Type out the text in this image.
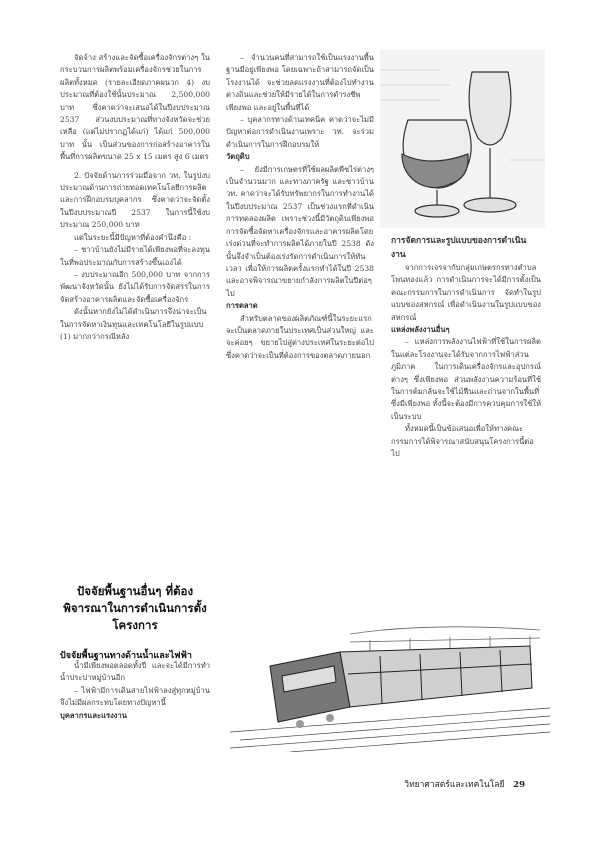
จัดจ้าง สร้างและจัดซื้อเครื่องจักรต่างๆ ในกระบวนการผลิตพร้อมเครื่องจักรช่วยในการผลิตทั้งหมด (รายละเอียดภาคผนวก 4) งบประมาณที่ต้องใช้นั้นประมาณ 2,500,000 บาท ซึ่งคาดว่าจะเสนอได้ในปีงบประมาณ 2537 ส่วนงบประมาณที่ทางจังหวัดจะช่วยเหลือ (แต่ไม่ปรากฏได้แก่) ได้แก่ 500,000 บาท นั้น เป็นส่วนของการก่อสร้างอาคารในพื้นที่การผลิตขนาด 25 x 15 เมตร สูง 6 เมตร

2. ปัจจัยด้านการร่วมมือจาก วท. ในรูปงบประมาณด้านการถ่ายทอดเทคโนโลยีการผลิตและการฝึกอบรมบุคลากร ซึ่งคาดว่าจะจัดตั้งในปีงบประมาณปี 2537 ในการนี้ใช้งบประมาณ 250,000 บาท

แต่ในระยะนี้มีปัญหาที่ต้องคำนึงคือ :

– ชาวบ้านยังไม่มีรายได้เพียงพอที่จะลงทุนในที่พอประมาณกับการสร้างขึ้นเองได้

– งบประมาณอีก 500,000 บาท จากการพัฒนาจังหวัดนั้น ยังไม่ได้รับการจัดสรรในการจัดสร้างอาคารผลิตและจัดซื้อเครื่องจักร

ดังนั้นหากยังไม่ได้ดำเนินการจึงน่าจะเป็นในการจัดหาเงินทุนและเทคโนโลยีในรูปแบบ (1) มากกว่ากรณีหลัง

ปัจจัยพื้นฐานอื่นๆ ที่ต้องพิจารณาในการดำเนินการตั้งโครงการ
ปัจจัยพื้นฐานทางด้านน้ำและไฟฟ้า

น้ำมีเพียงพอตลอดทั้งปี และจะได้มีการทำน้ำประปาหมู่บ้านอีก

– ไฟฟ้ามีการเดินสายไฟฟ้าลงสู่ทุกหมู่บ้าน จึงไม่มีผลกระทบโดยทางปัญหานี้

บุคลากรและแรงงาน

– จำนวนคนที่สามารถใช้เป็นแรงงานพื้นฐานมีอยู่เพียงพอ โดยเฉพาะถ้าสามารถจัดเป็นโรงงานได้ จะช่วยลดแรงงานที่ต้องไปทำงานต่างถิ่นและช่วยให้มีรายได้ในการดำรงชีพเพียงพอ และอยู่ในพื้นที่ได้

– บุคลากรทางด้านเทคนิค คาดว่าจะไม่มีปัญหาต่อการดำเนินงานเพราะ วท. จะร่วมดำเนินการในการฝึกอบรมให้

วัตถุดิบ

– ยังมีการเกษตรที่ใช้ผลผลิตพืชไร่ต่างๆ เป็นจำนวนมาก และทางภาครัฐ และชาวบ้าน วท. คาดว่าจะได้รับทรัพยากรในการทำงานได้ในปีงบประมาณ 2537 เป็นช่วงแรกที่ดำเนินการทดลองผลิต เพราะช่วงนี้มีวัตถุดิบเพียงพอ การจัดซื้อจัดหาเครื่องจักรและอาคารผลิตโดยเร่งด่วนที่จะทำการผลิตได้ภายในปี 2538 ดังนั้นจึงจำเป็นต้องเร่งรัดการดำเนินการให้ทันเวลา เพื่อให้การผลิตครั้งแรกทำได้ในปี 2538 และอาจพิจารณาขยายกำลังการผลิตในปีต่อๆ ไป

การตลาด

สำหรับตลาดของผลิตภัณฑ์นี้ในระยะแรกจะเป็นตลาดภายในประเทศเป็นส่วนใหญ่ และจะค่อยๆ ขยายไปสู่ต่างประเทศในระยะต่อไป ซึ่งคาดว่าจะเป็นที่ต้องการของตลาดภายนอก

การจัดการและรูปแบบของการดำเนินงาน

จากการเจรจากับกลุ่มเกษตรกรทางตำบลโพนทองแล้ว การดำเนินการจะได้มีการตั้งเป็นคณะกรรมการในการดำเนินการ จัดทำในรูปแบบของสหกรณ์ เพื่อดำเนินงานในรูปแบบของสหกรณ์

แหล่งพลังงานอื่นๆ

– แหล่งการพลังงานไฟฟ้าที่ใช้ในการผลิตในแต่ละโรงงานจะได้รับจากการไฟฟ้าส่วนภูมิภาค ในการเดินเครื่องจักรและอุปกรณ์ต่างๆ ซึ่งเพียงพอ ส่วนพลังงานความร้อนที่ใช้ในการต้มกลั่นจะใช้ไม้ฟืนและถ่านจากในพื้นที่ ซึ่งมีเพียงพอ ทั้งนี้จะต้องมีการควบคุมการใช้ให้เป็นระบบ

ทั้งหมดนี้เป็นข้อเสนอเพื่อให้ทางคณะกรรมการได้พิจารณาสนับสนุนโครงการนี้ต่อไป

วิทยาศาสตร์และเทคโนโลยี 29
